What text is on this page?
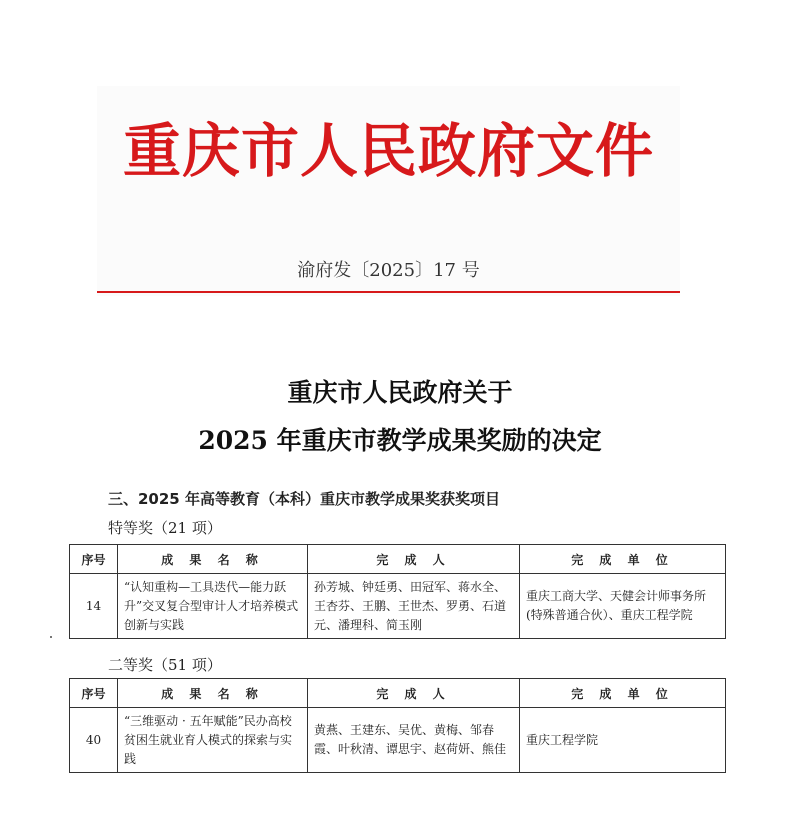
重庆市人民政府文件
渝府发〔2025〕17 号
重庆市人民政府关于
2025 年重庆市教学成果奖励的决定
三、2025 年高等教育（本科）重庆市教学成果奖获奖项目
特等奖（21 项）
序号	成 果 名 称	完 成 人	完 成 单 位
14	“认知重构—工具迭代—能力跃升”交叉复合型审计人才培养模式创新与实践	孙芳城、钟廷勇、田冠军、蒋水全、王杏芬、王鹏、王世杰、罗勇、石道元、潘理科、简玉刚	重庆工商大学、天健会计师事务所(特殊普通合伙）、重庆工程学院
二等奖（51 项）
序号	成 果 名 称	完 成 人	完 成 单 位
40	“三维驱动 · 五年赋能”民办高校贫困生就业育人模式的探索与实践	黄燕、王建东、吴优、黄梅、邹春霞、叶秋清、谭思宇、赵荷妍、熊佳	重庆工程学院
